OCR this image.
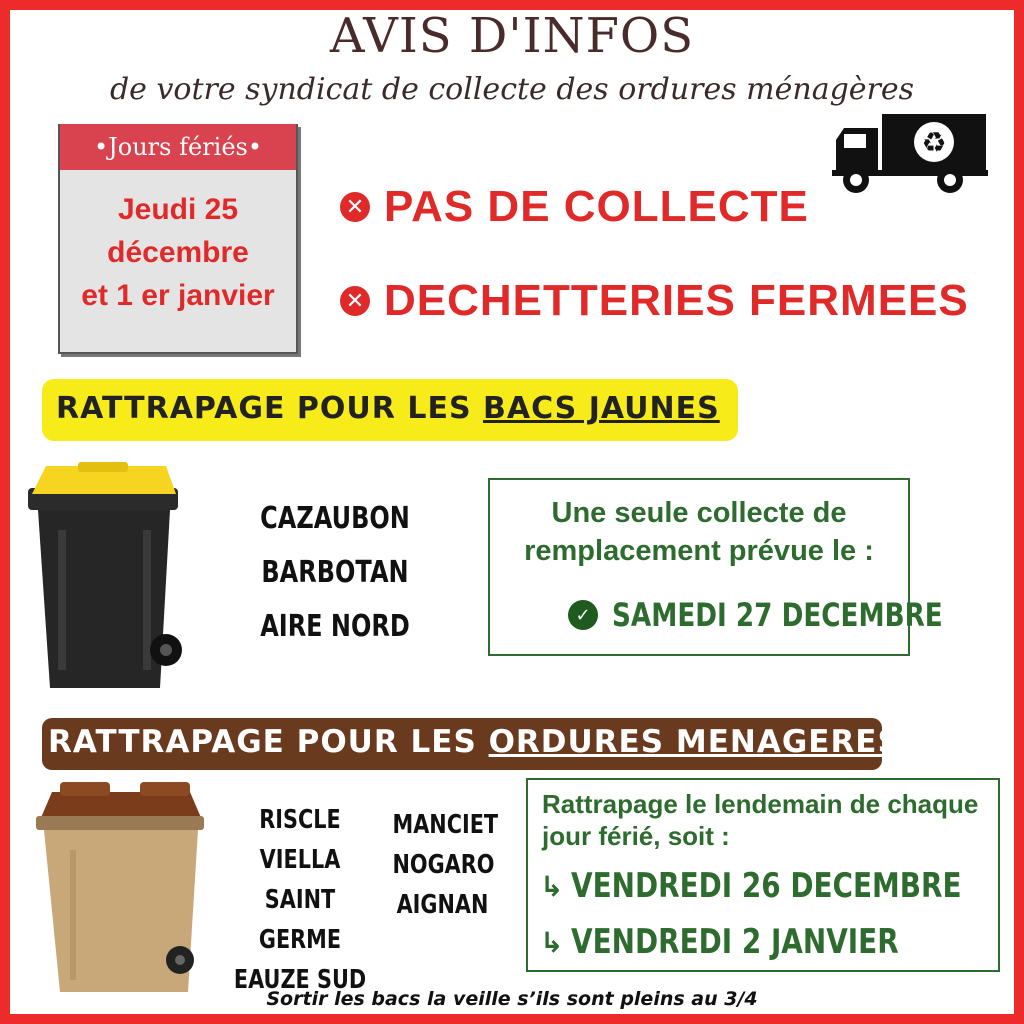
AVIS D'INFOS
de votre syndicat de collecte des ordures ménagères
•Jours fériés•
Jeudi 25
décembre
et 1 er janvier
✕ PAS DE COLLECTE
✕ DECHETTERIES FERMEES
♻
RATTRAPAGE POUR LES BACS JAUNES
CAZAUBON
BARBOTAN
AIRE NORD
Une seule collecte de
remplacement prévue le :
✓ SAMEDI 27 DECEMBRE
RATTRAPAGE POUR LES ORDURES MENAGERES
RISCLE
VIELLA
SAINT GERME
EAUZE SUD
MANCIET
NOGARO
AIGNAN
Rattrapage le lendemain de chaque
jour férié, soit :
↳ VENDREDI 26 DECEMBRE
↳ VENDREDI 2 JANVIER
Sortir les bacs la veille s’ils sont pleins au 3/4
